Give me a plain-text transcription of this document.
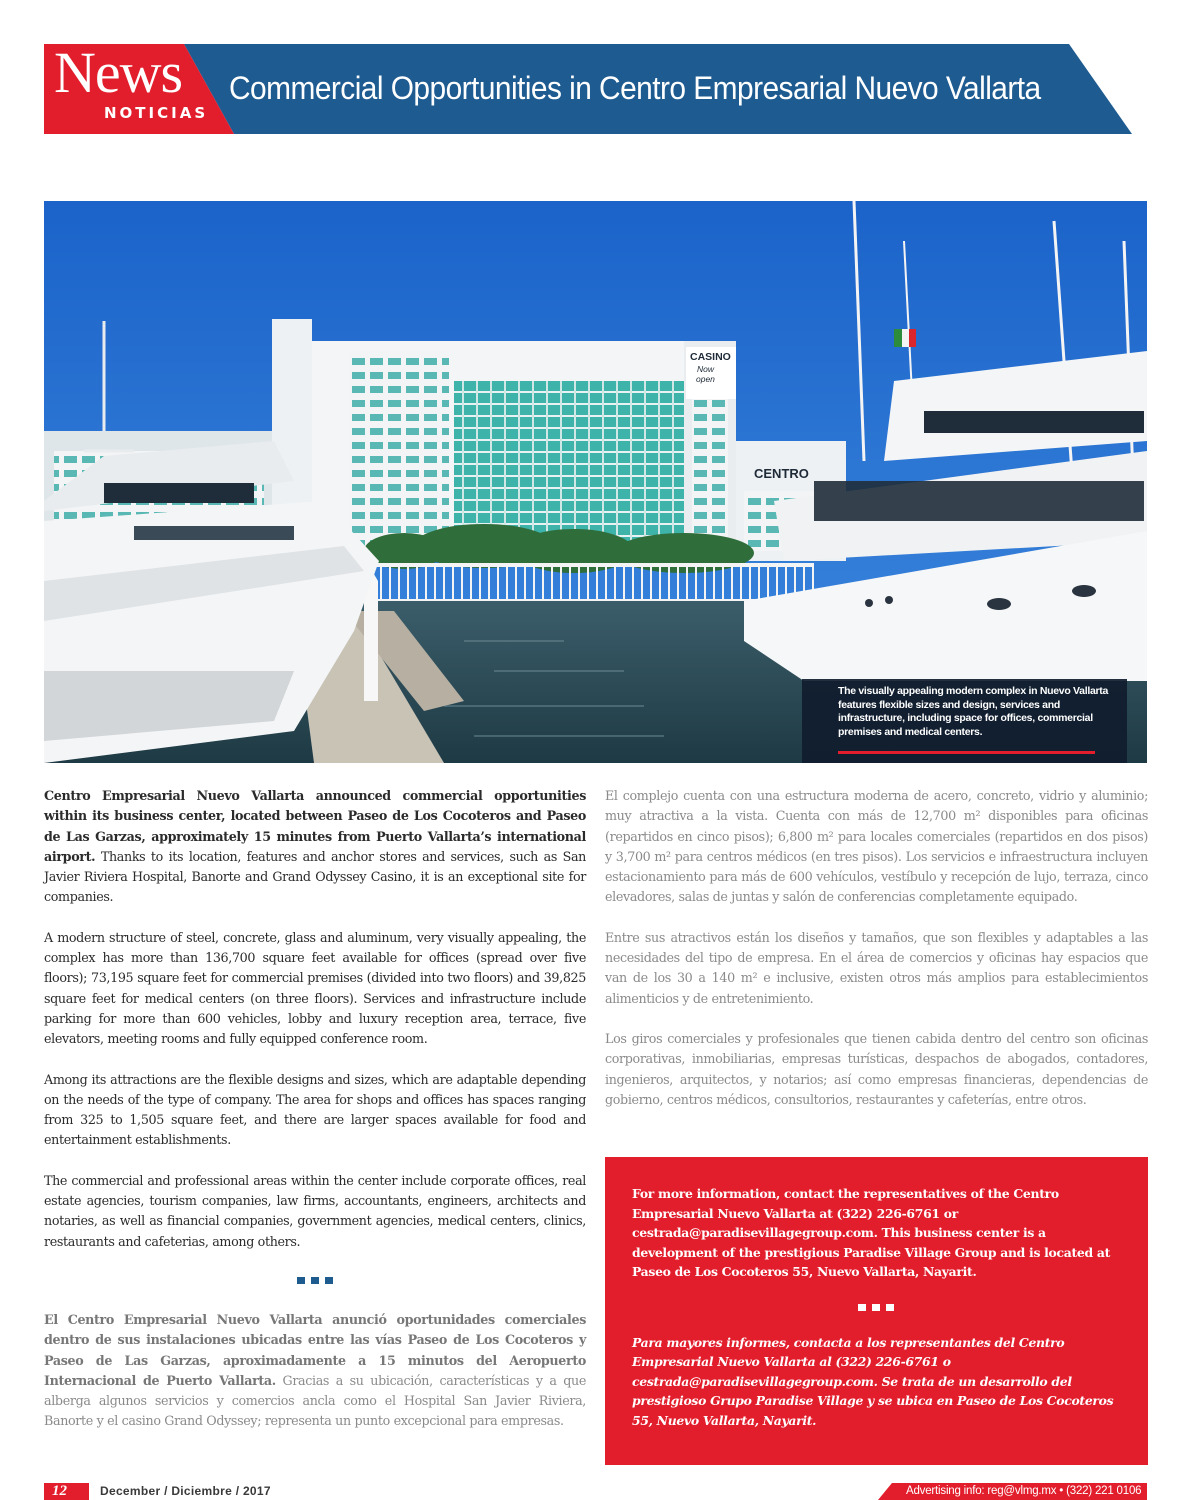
News
NOTICIAS
Commercial Opportunities in Centro Empresarial Nuevo Vallarta
CASINO
Now
open
CENTRO

The visually appealing modern complex in Nuevo Vallarta features flexible sizes and design, services and infrastructure, including space for offices, commercial premises and medical centers.

Centro Empresarial Nuevo Vallarta announced commercial opportunities within its business center, located between Paseo de Los Cocoteros and Paseo de Las Garzas, approximately 15 minutes from Puerto Vallarta’s international airport. Thanks to its location, features and anchor stores and services, such as San Javier Riviera Hospital, Banorte and Grand Odyssey Casino, it is an exceptional site for companies.

A modern structure of steel, concrete, glass and aluminum, very visually appealing, the complex has more than 136,700 square feet available for offices (spread over five floors); 73,195 square feet for commercial premises (divided into two floors) and 39,825 square feet for medical centers (on three floors). Services and infrastructure include parking for more than 600 vehicles, lobby and luxury reception area, terrace, five elevators, meeting rooms and fully equipped conference room.

Among its attractions are the flexible designs and sizes, which are adaptable depending on the needs of the type of company. The area for shops and offices has spaces ranging from 325 to 1,505 square feet, and there are larger spaces available for food and entertainment establishments.

The commercial and professional areas within the center include corporate offices, real estate agencies, tourism companies, law firms, accountants, engineers, architects and notaries, as well as financial companies, government agencies, medical centers, clinics, restaurants and cafeterias, among others.

El Centro Empresarial Nuevo Vallarta anunció oportunidades comerciales dentro de sus instalaciones ubicadas entre las vías Paseo de Los Cocoteros y Paseo de Las Garzas, aproximadamente a 15 minutos del Aeropuerto Internacional de Puerto Vallarta. Gracias a su ubicación, características y a que alberga algunos servicios y comercios ancla como el Hospital San Javier Riviera, Banorte y el casino Grand Odyssey; representa un punto excepcional para empresas.

El complejo cuenta con una estructura moderna de acero, concreto, vidrio y aluminio; muy atractiva a la vista. Cuenta con más de 12,700 m² disponibles para oficinas (repartidos en cinco pisos); 6,800 m² para locales comerciales (repartidos en dos pisos) y 3,700 m² para centros médicos (en tres pisos). Los servicios e infraestructura incluyen estacionamiento para más de 600 vehículos, vestíbulo y recepción de lujo, terraza, cinco elevadores, salas de juntas y salón de conferencias completamente equipado.

Entre sus atractivos están los diseños y tamaños, que son flexibles y adaptables a las necesidades del tipo de empresa. En el área de comercios y oficinas hay espacios que van de los 30 a 140 m² e inclusive, existen otros más amplios para establecimientos alimenticios y de entretenimiento.

Los giros comerciales y profesionales que tienen cabida dentro del centro son oficinas corporativas, inmobiliarias, empresas turísticas, despachos de abogados, contadores, ingenieros, arquitectos, y notarios; así como empresas financieras, dependencias de gobierno, centros médicos, consultorios, restaurantes y cafeterías, entre otros.

For more information, contact the representatives of the Centro Empresarial Nuevo Vallarta at (322) 226-6761 or cestrada@paradisevillagegroup.com. This business center is a development of the prestigious Paradise Village Group and is located at Paseo de Los Cocoteros 55, Nuevo Vallarta, Nayarit.

Para mayores informes, contacta a los representantes del Centro Empresarial Nuevo Vallarta al (322) 226-6761 o cestrada@paradisevillagegroup.com. Se trata de un desarrollo del prestigioso Grupo Paradise Village y se ubica en Paseo de Los Cocoteros 55, Nuevo Vallarta, Nayarit.

12	December / Diciembre / 2017	Advertising info: reg@vlmg.mx • (322) 221 0106
